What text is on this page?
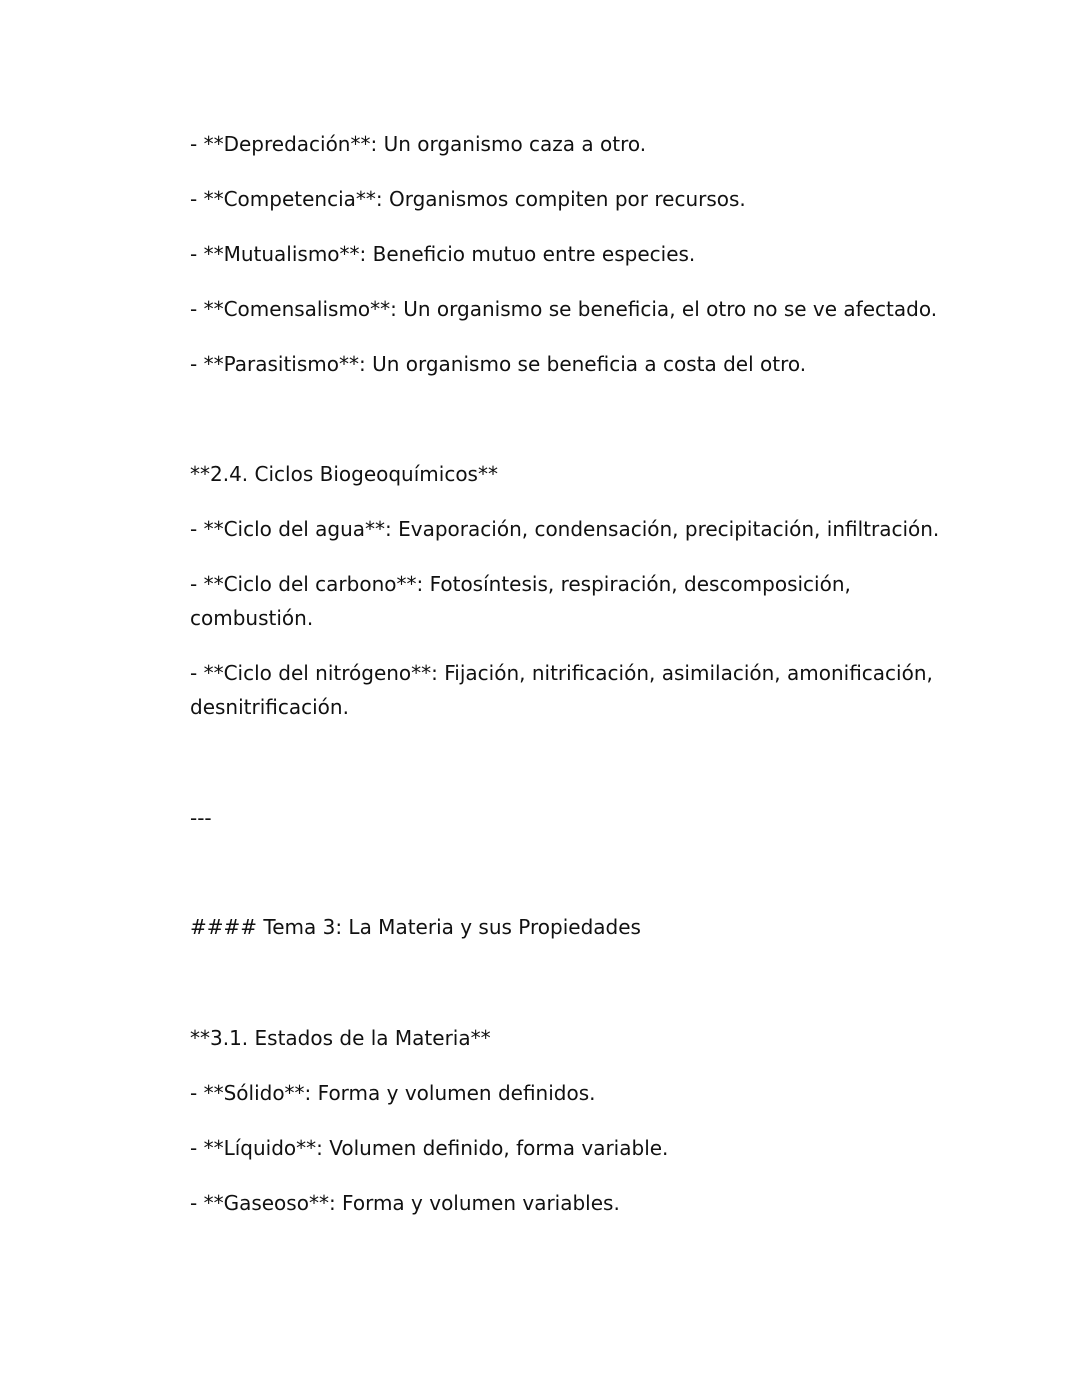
- **Depredación**: Un organismo caza a otro.
- **Competencia**: Organismos compiten por recursos.
- **Mutualismo**: Beneficio mutuo entre especies.
- **Comensalismo**: Un organismo se beneficia, el otro no se ve afectado.
- **Parasitismo**: Un organismo se beneficia a costa del otro.
**2.4. Ciclos Biogeoquímicos**
- **Ciclo del agua**: Evaporación, condensación, precipitación, infiltración.
- **Ciclo del carbono**: Fotosíntesis, respiración, descomposición,
combustión.
- **Ciclo del nitrógeno**: Fijación, nitrificación, asimilación, amonificación,
desnitrificación.
---
#### Tema 3: La Materia y sus Propiedades
**3.1. Estados de la Materia**
- **Sólido**: Forma y volumen definidos.
- **Líquido**: Volumen definido, forma variable.
- **Gaseoso**: Forma y volumen variables.
